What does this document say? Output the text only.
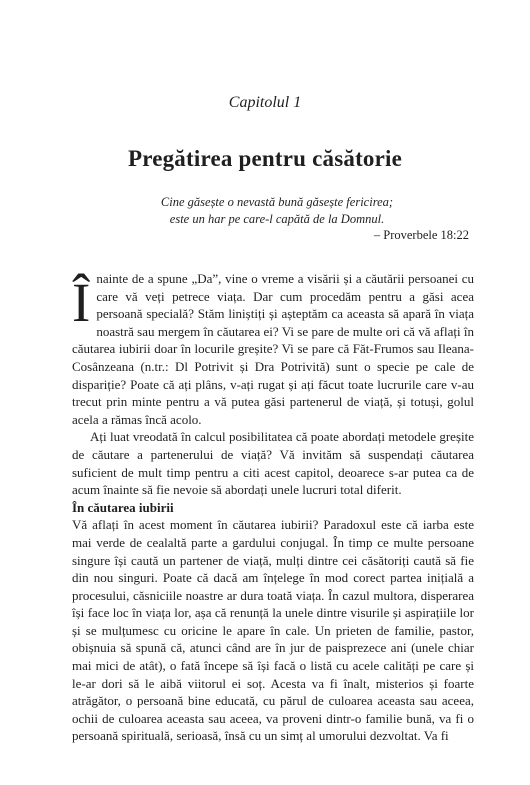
Capitolul 1
Pregătirea pentru căsătorie
Cine găsește o nevastă bună găsește fericirea;
este un har pe care-l capătă de la Domnul.
– Proverbele 18:22

Înainte de a spune „Da”, vine o vreme a visării și a căutării persoanei cu care vă veți petrece viața. Dar cum procedăm pentru a găsi acea persoană specială? Stăm liniștiți și așteptăm ca aceasta să apară în viața noastră sau mergem în căutarea ei? Vi se pare de multe ori că vă aflați în căutarea iubirii doar în locurile greșite? Vi se pare că Făt-Frumos sau Ileana-Cosânzeana (n.tr.: Dl Potrivit și Dra Potrivită) sunt o specie pe cale de dispariție? Poate că ați plâns, v-ați rugat și ați făcut toate lucrurile care v-au trecut prin minte pentru a vă putea găsi partenerul de viață, și totuși, golul acela a rămas încă acolo.

Ați luat vreodată în calcul posibilitatea că poate abordați metodele greșite de căutare a partenerului de viață? Vă invităm să suspendați căutarea suficient de mult timp pentru a citi acest capitol, deoarece s-ar putea ca de acum înainte să fie nevoie să abordați unele lucruri total diferit.

În căutarea iubirii

Vă aflați în acest moment în căutarea iubirii? Paradoxul este că iarba este mai verde de cealaltă parte a gardului conjugal. În timp ce multe persoane singure își caută un partener de viață, mulți dintre cei căsătoriți caută să fie din nou singuri. Poate că dacă am înțelege în mod corect partea inițială a procesului, căsniciile noastre ar dura toată viața. În cazul multora, disperarea își face loc în viața lor, așa că renunță la unele dintre visurile și aspirațiile lor și se mulțumesc cu oricine le apare în cale. Un prieten de familie, pastor, obișnuia să spună că, atunci când are în jur de paisprezece ani (unele chiar mai mici de atât), o fată începe să își facă o listă cu acele calități pe care și le-ar dori să le aibă viitorul ei soț. Acesta va fi înalt, misterios și foarte atrăgător, o persoană bine educată, cu părul de culoarea aceasta sau aceea, ochii de culoarea aceasta sau aceea, va proveni dintr-o familie bună, va fi o persoană spirituală, serioasă, însă cu un simț al umorului dezvoltat. Va fi
